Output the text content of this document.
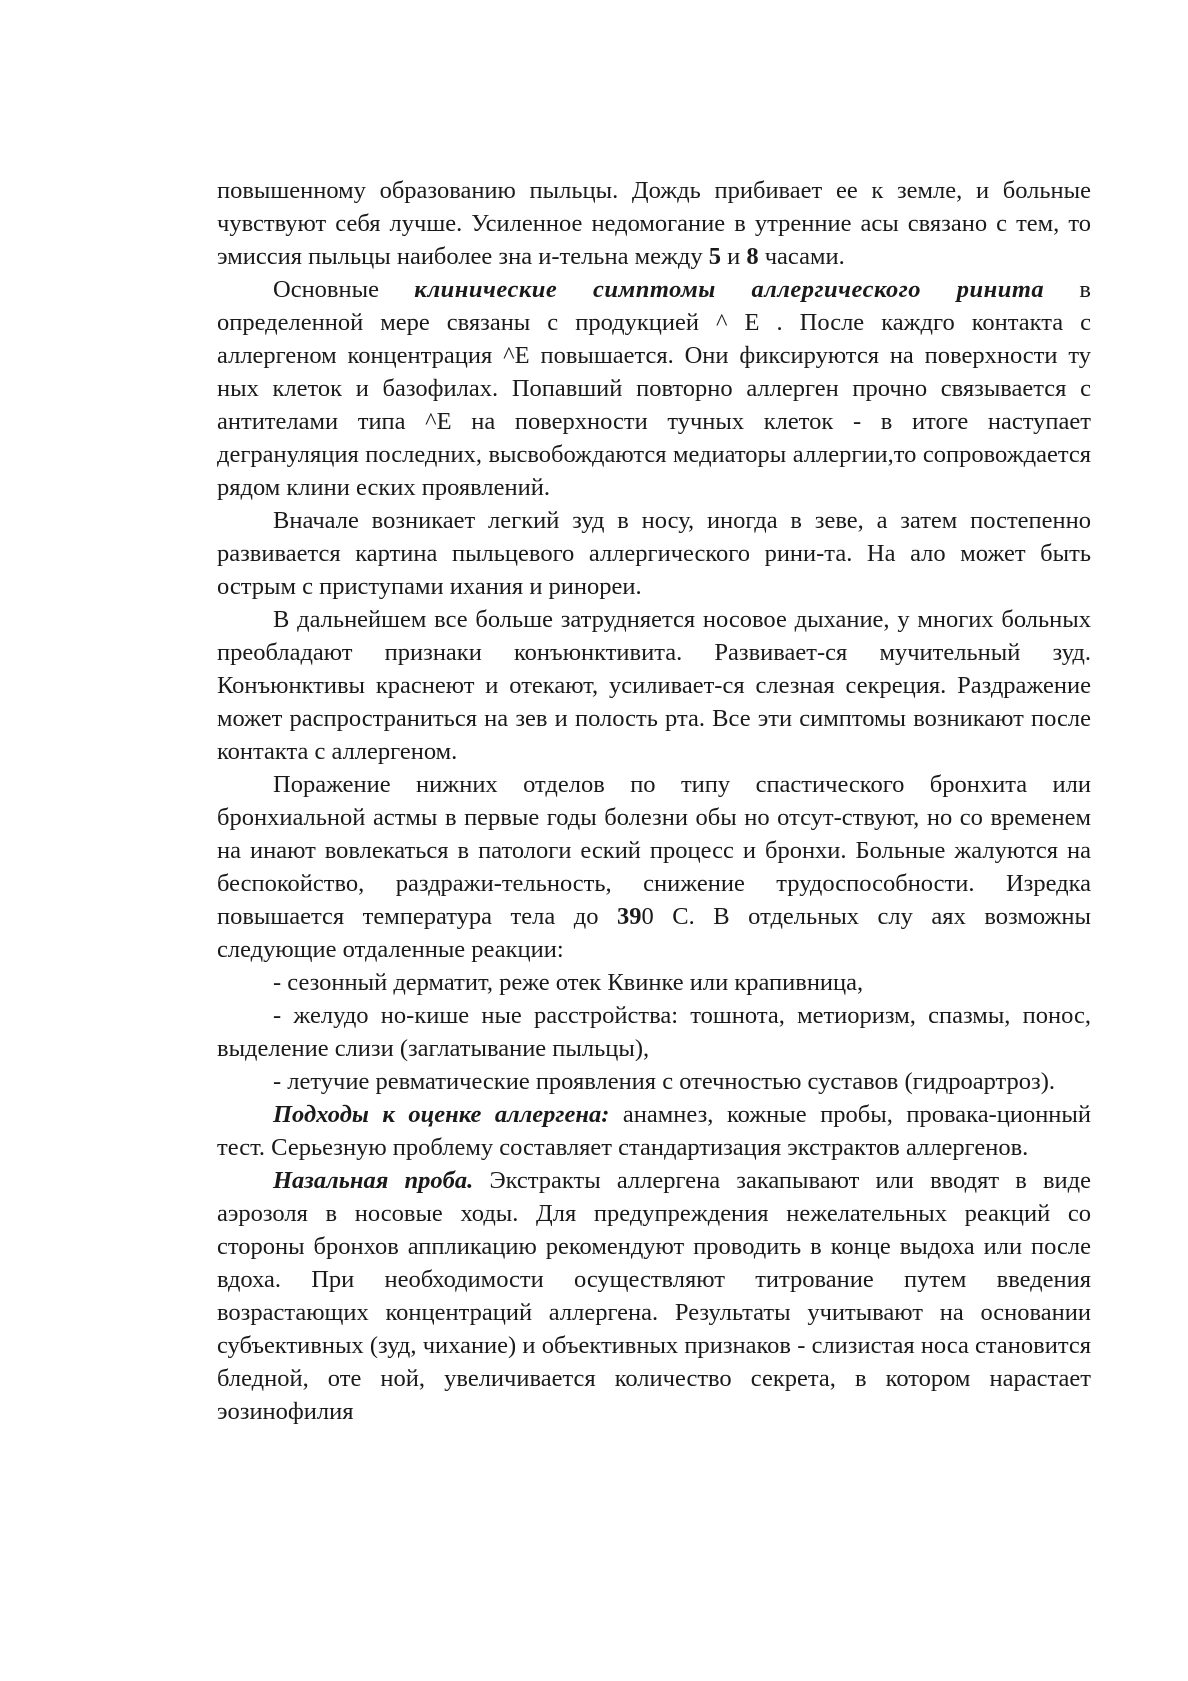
повышенному образованию пыльцы. Дождь прибивает ее к земле, и больные чувствуют себя лучше. Усиленное недомогание в утренние асы связано с тем, то эмиссия пыльцы наиболее зна и-тельна между 5 и 8 часами.

Основные клинические симптомы аллергического ринита в определенной мере связаны с продукцией ^ Е . После каждго контакта с аллергеном концентрация ^Е повышается. Они фиксируются на поверхности ту ных клеток и базофилах. Попавший повторно аллерген прочно связывается с антителами типа ^Е на поверхности тучных клеток - в итоге наступает дегрануляция последних, высвобождаются медиаторы аллергии,то сопровождается рядом клини еских проявлений.

Вначале возникает легкий зуд в носу, иногда в зеве, а затем постепенно развивается картина пыльцевого аллергического рини-та. На ало может быть острым с приступами ихания и ринореи.

В дальнейшем все больше затрудняется носовое дыхание, у многих больных преобладают признаки конъюнктивита. Развивает-ся мучительный зуд. Конъюнктивы краснеют и отекают, усиливает-ся слезная секреция. Раздражение может распространиться на зев и полость рта. Все эти симптомы возникают после контакта с аллергеном.

Поражение нижних отделов по типу спастического бронхита или бронхиальной астмы в первые годы болезни обы но отсут-ствуют, но со временем на инают вовлекаться в патологи еский процесс и бронхи. Больные жалуются на беспокойство, раздражи-тельность, снижение трудоспособности. Изредка повышается температура тела до 390 С. В отдельных слу аях возможны следующие отдаленные реакции:

- сезонный дерматит, реже отек Квинке или крапивница,

- желудо но-кише ные расстройства: тошнота, метиоризм, спазмы, понос, выделение слизи (заглатывание пыльцы),

- летучие ревматические проявления с отечностью суставов (гидроартроз).

Подходы к оценке аллергена: анамнез, кожные пробы, провака-ционный тест. Серьезную проблему составляет стандартизация экстрактов аллергенов.

Назальная проба. Экстракты аллергена закапывают или вводят в виде аэрозоля в носовые ходы. Для предупреждения нежелательных реакций со стороны бронхов аппликацию рекомендуют проводить в конце выдоха или после вдоха. При необходимости осуществляют титрование путем введения возрастающих концентраций аллергена. Результаты учитывают на основании субъективных (зуд, чихание) и объективных признаков - слизистая носа становится бледной, оте ной, увеличивается количество секрета, в котором нарастает эозинофилия
